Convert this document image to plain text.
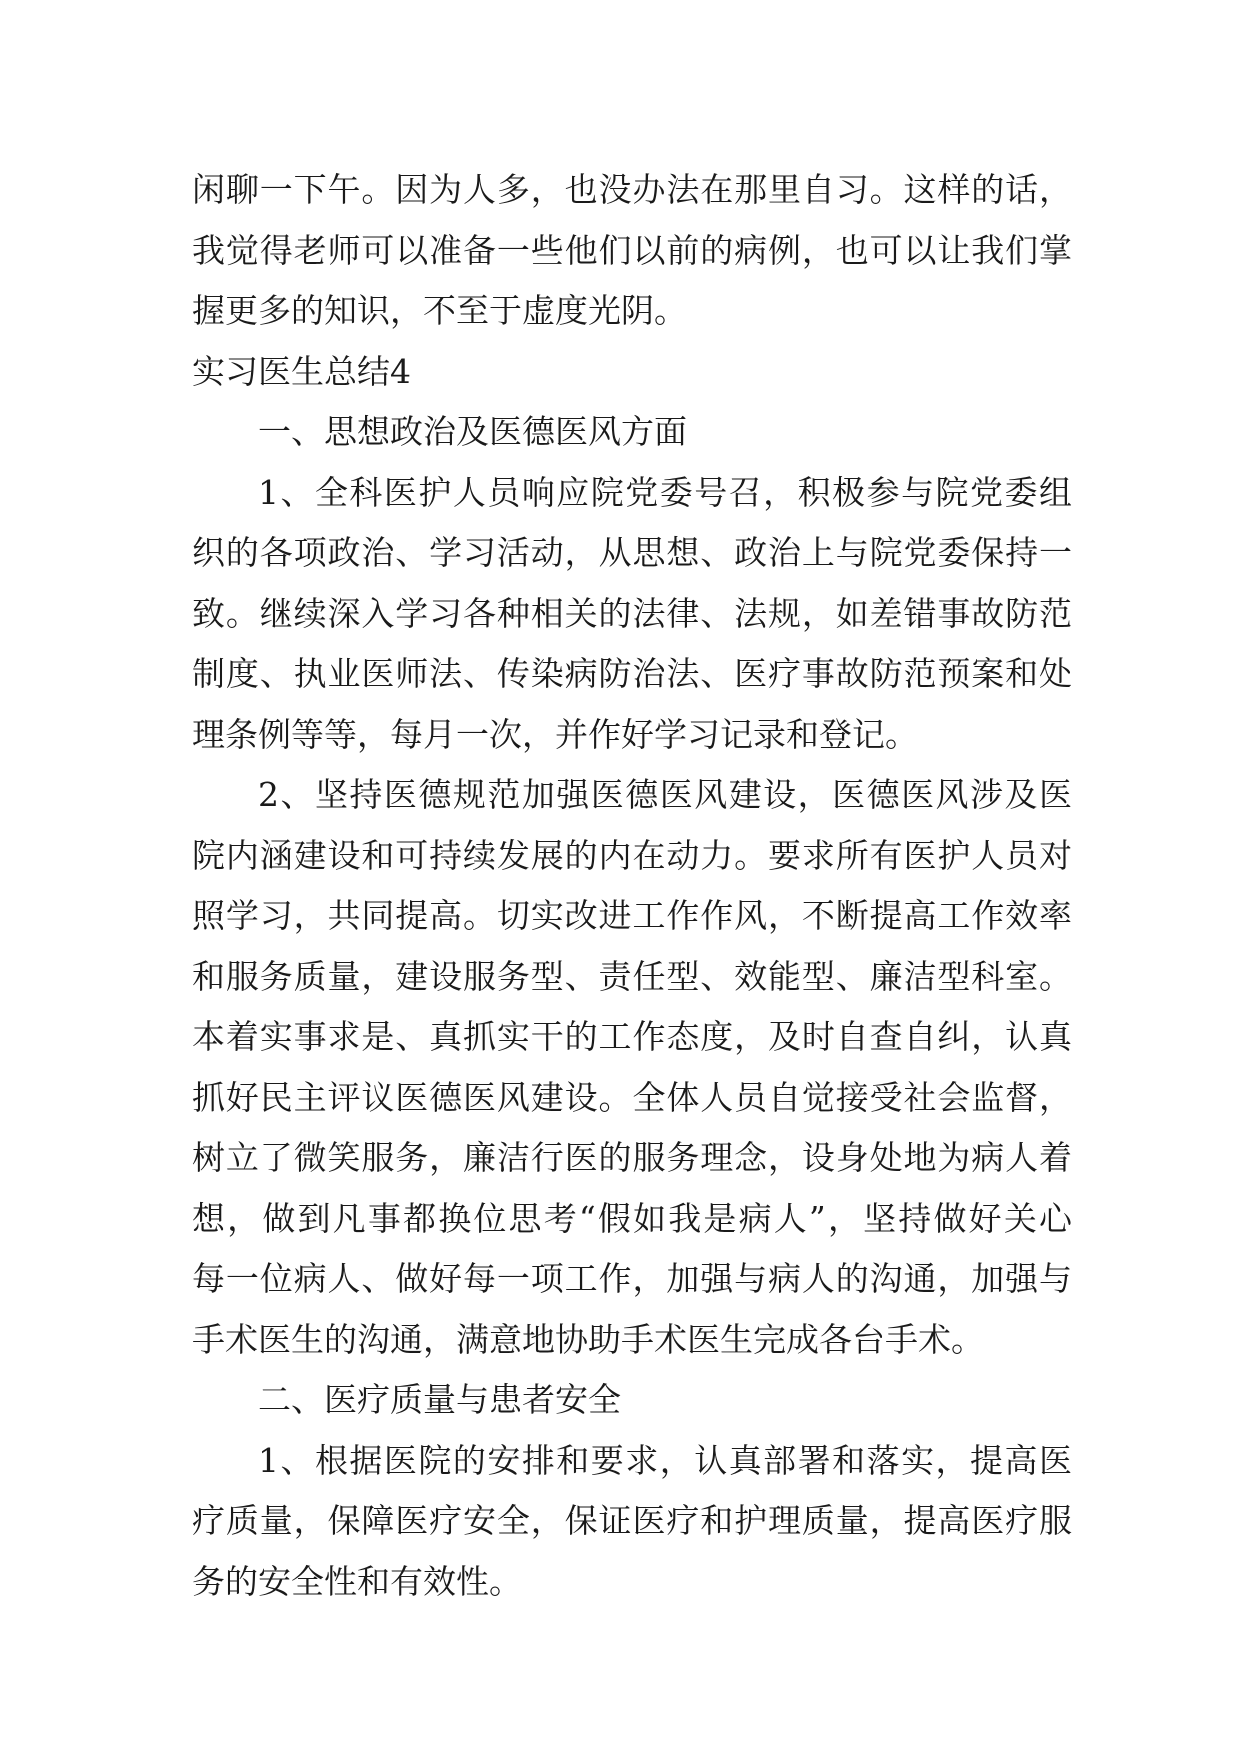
闲聊一下午。因为人多，也没办法在那里自习。这样的话，
我觉得老师可以准备一些他们以前的病例，也可以让我们掌
握更多的知识，不至于虚度光阴。
实习医生总结4
一、思想政治及医德医风方面
1、全科医护人员响应院党委号召，积极参与院党委组
织的各项政治、学习活动，从思想、政治上与院党委保持一
致。继续深入学习各种相关的法律、法规，如差错事故防范
制度、执业医师法、传染病防治法、医疗事故防范预案和处
理条例等等，每月一次，并作好学习记录和登记。
2、坚持医德规范加强医德医风建设，医德医风涉及医
院内涵建设和可持续发展的内在动力。要求所有医护人员对
照学习，共同提高。切实改进工作作风，不断提高工作效率
和服务质量，建设服务型、责任型、效能型、廉洁型科室。
本着实事求是、真抓实干的工作态度，及时自查自纠，认真
抓好民主评议医德医风建设。全体人员自觉接受社会监督，
树立了微笑服务，廉洁行医的服务理念，设身处地为病人着
想，做到凡事都换位思考“假如我是病人”，坚持做好关心
每一位病人、做好每一项工作，加强与病人的沟通，加强与
手术医生的沟通，满意地协助手术医生完成各台手术。
二、医疗质量与患者安全
1、根据医院的安排和要求，认真部署和落实，提高医
疗质量，保障医疗安全，保证医疗和护理质量，提高医疗服
务的安全性和有效性。
